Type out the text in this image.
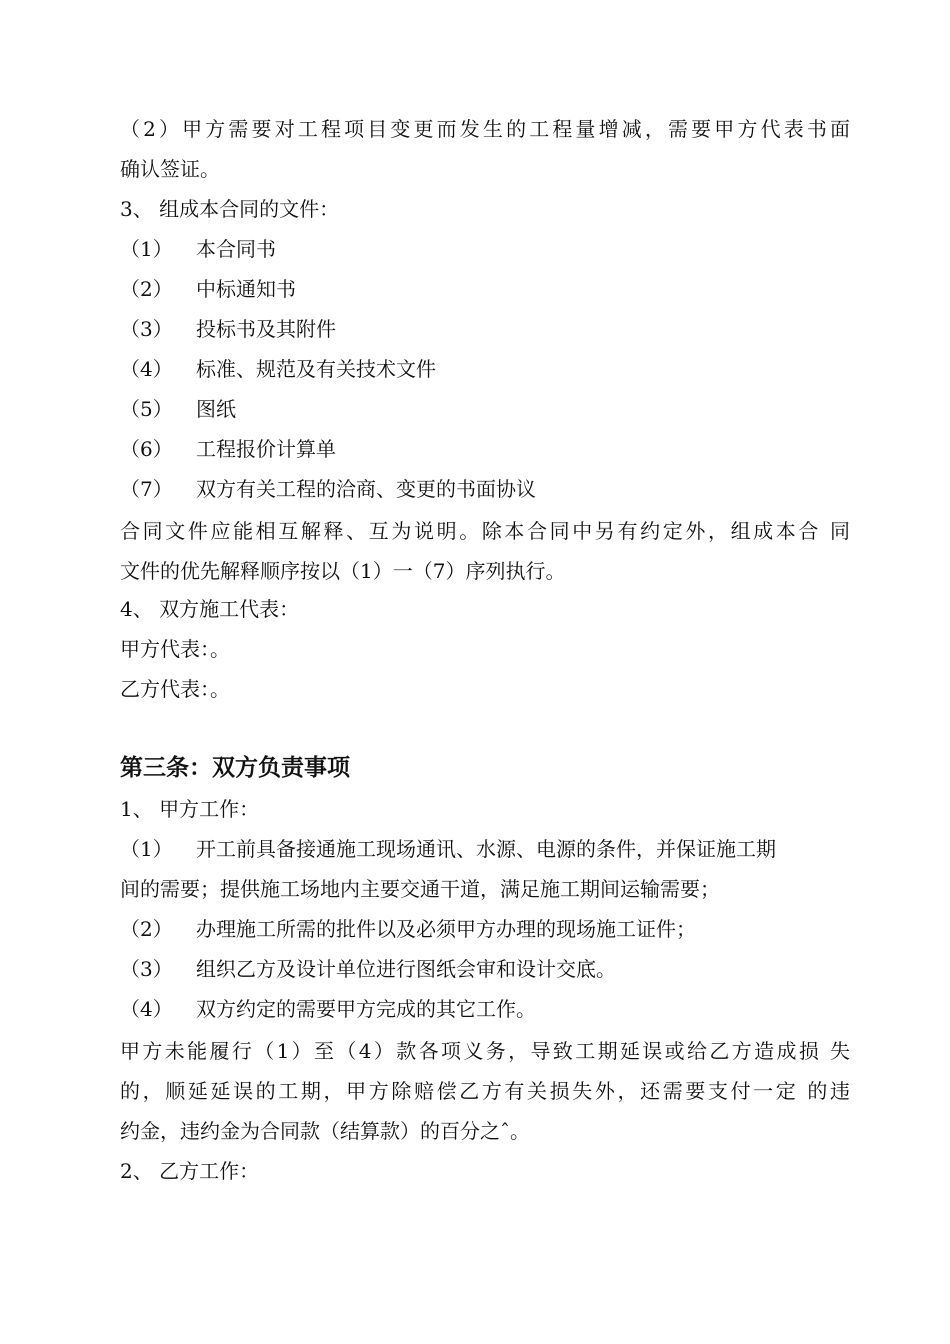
（2）甲方需要对工程项目变更而发生的工程量增减，需要甲方代表书面
确认签证。
3、 组成本合同的文件：
（1） 本合同书
（2） 中标通知书
（3） 投标书及其附件
（4） 标准、规范及有关技术文件
（5） 图纸
（6） 工程报价计算单
（7） 双方有关工程的洽商、变更的书面协议
合同文件应能相互解释、互为说明。除本合同中另有约定外，组成本合 同
文件的优先解释顺序按以（1）一（7）序列执行。
4、 双方施工代表：
甲方代表：。
乙方代表：。
第三条：双方负责事项
1、 甲方工作：
（1） 开工前具备接通施工现场通讯、水源、电源的条件，并保证施工期
间的需要；提供施工场地内主要交通干道，满足施工期间运输需要；
（2） 办理施工所需的批件以及必须甲方办理的现场施工证件；
（3） 组织乙方及设计单位进行图纸会审和设计交底。
（4） 双方约定的需要甲方完成的其它工作。
甲方未能履行（1）至（4）款各项义务，导致工期延误或给乙方造成损 失
的，顺延延误的工期，甲方除赔偿乙方有关损失外，还需要支付一定 的违
约金，违约金为合同款（结算款）的百分之ˆ。
2、 乙方工作：
